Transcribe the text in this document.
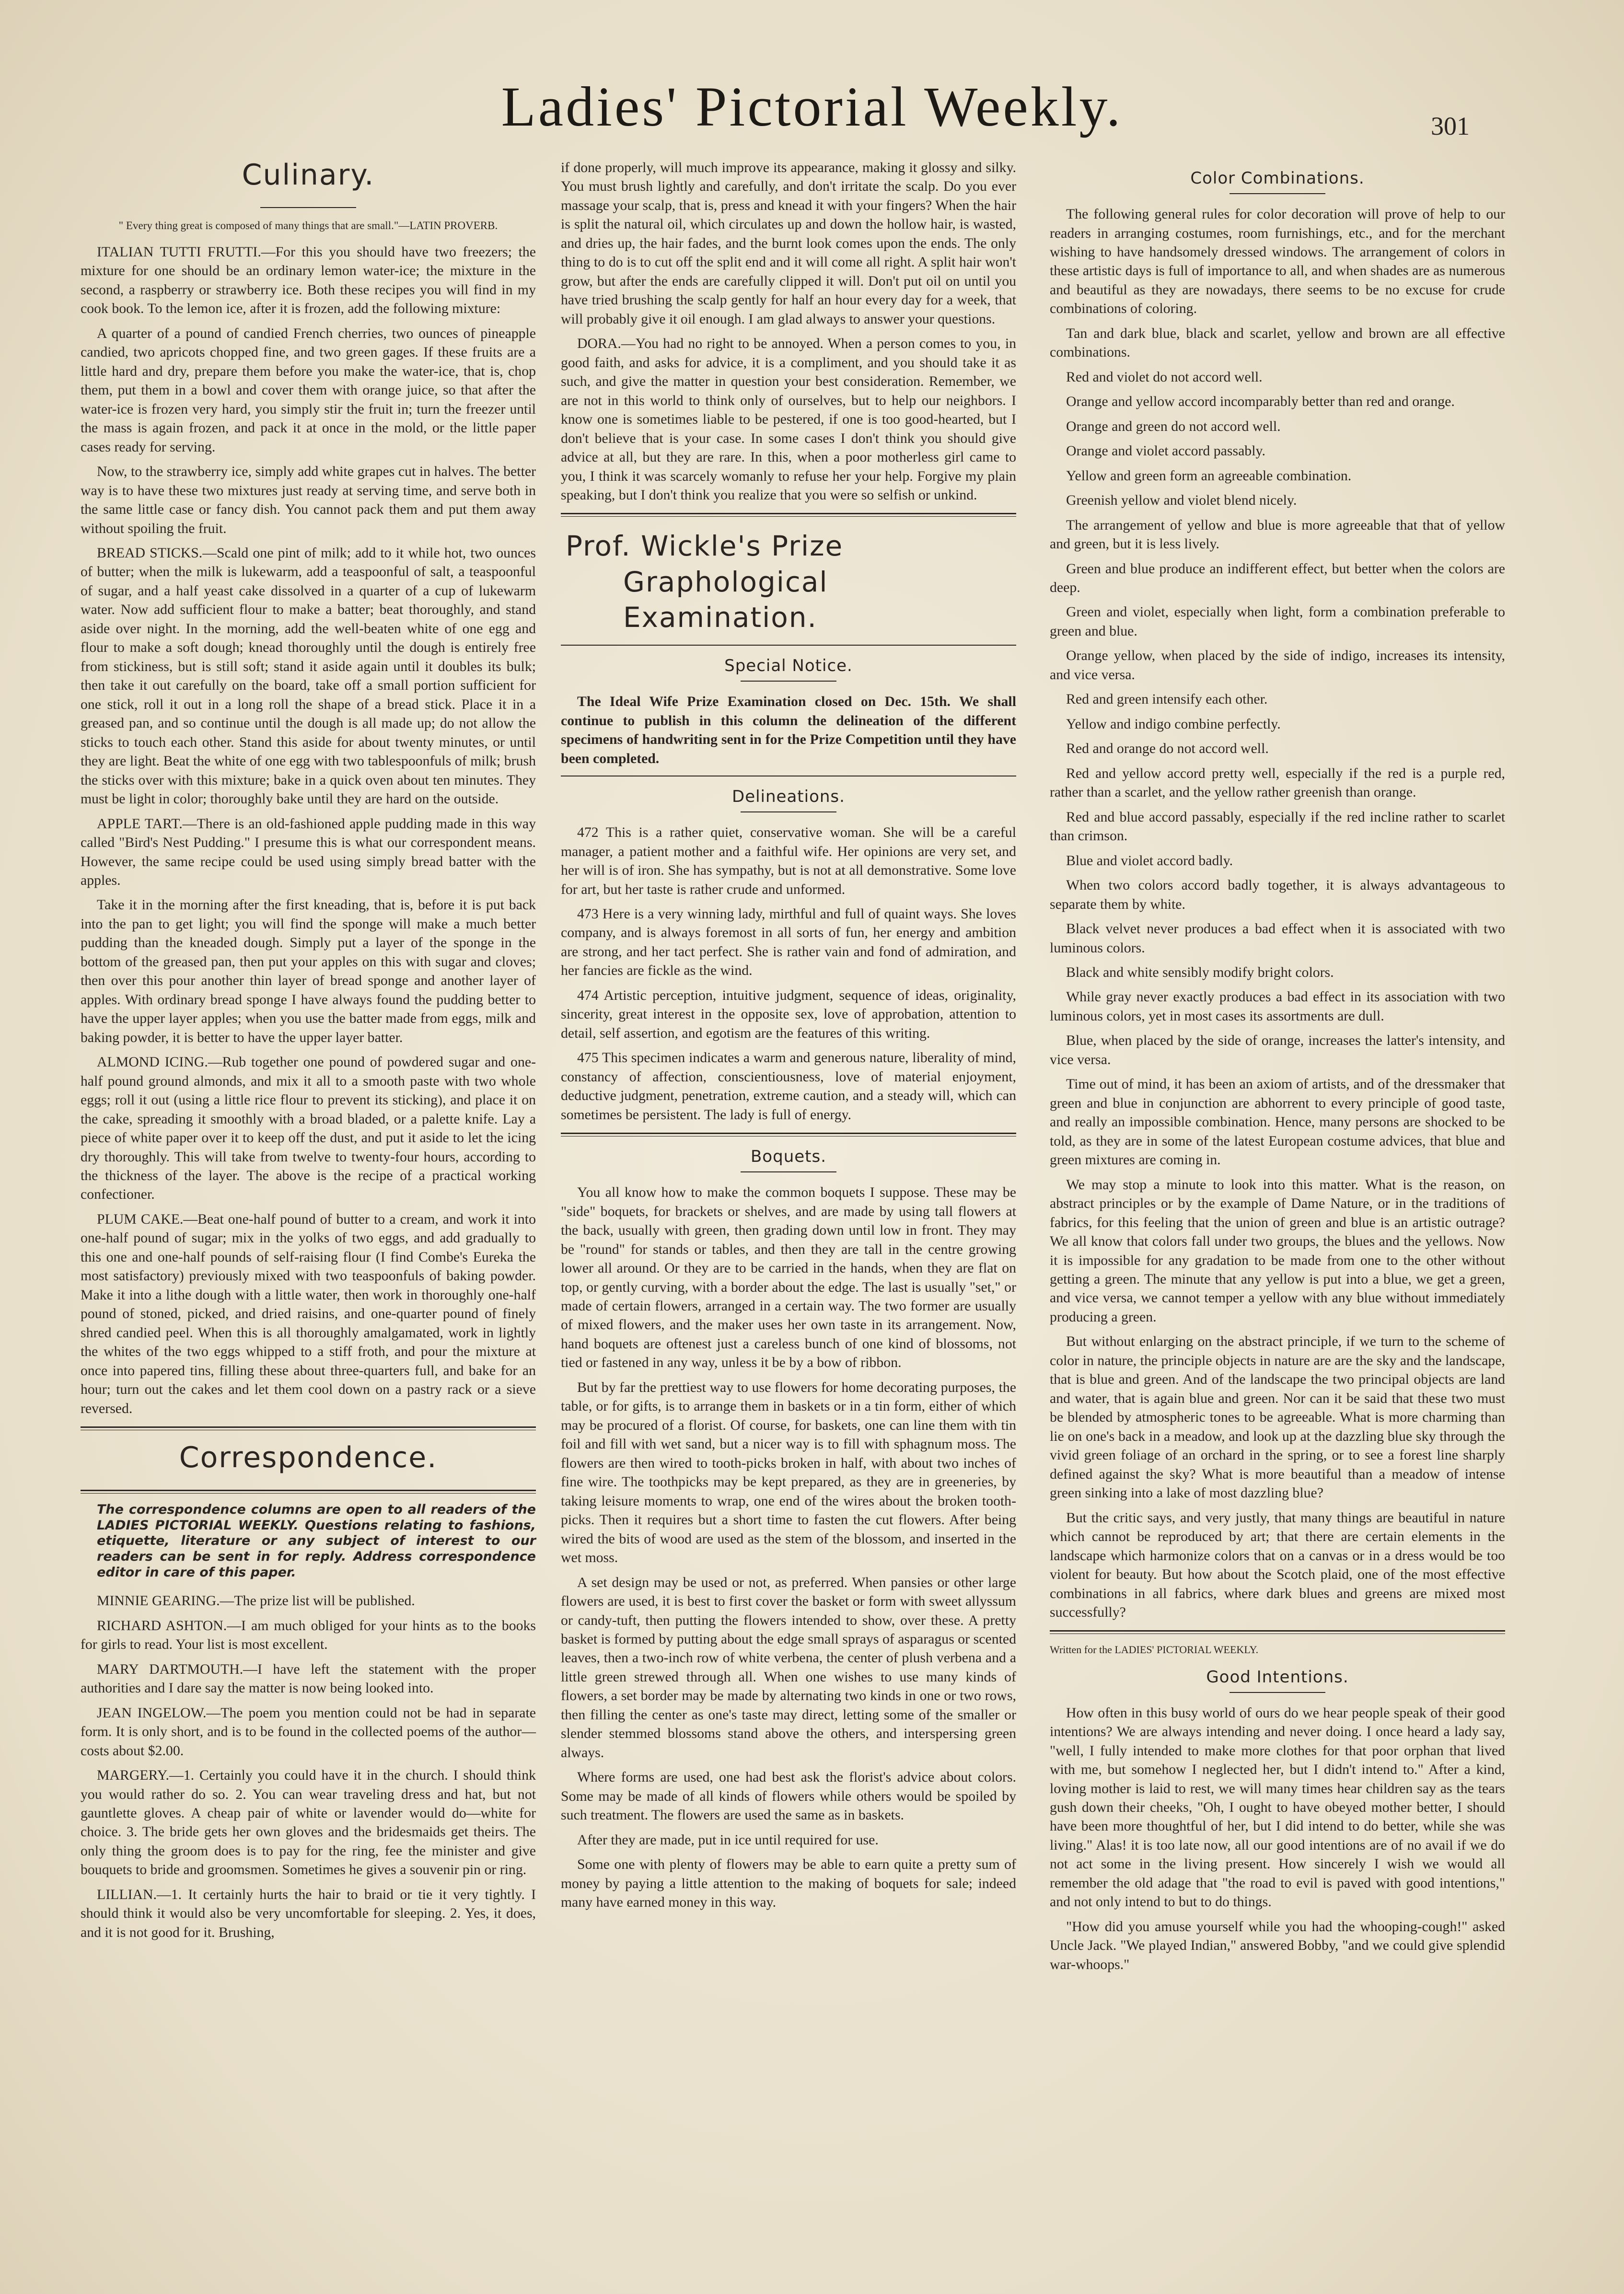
Ladies' Pictorial Weekly.	301
Culinary.
" Every thing great is composed of many things that are small."—LATIN PROVERB.

ITALIAN TUTTI FRUTTI.—For this you should have two freezers; the mixture for one should be an ordinary lemon water-ice; the mixture in the second, a raspberry or strawberry ice. Both these recipes you will find in my cook book. To the lemon ice, after it is frozen, add the following mixture:

A quarter of a pound of candied French cherries, two ounces of pineapple candied, two apricots chopped fine, and two green gages. If these fruits are a little hard and dry, prepare them before you make the water-ice, that is, chop them, put them in a bowl and cover them with orange juice, so that after the water-ice is frozen very hard, you simply stir the fruit in; turn the freezer until the mass is again frozen, and pack it at once in the mold, or the little paper cases ready for serving.

Now, to the strawberry ice, simply add white grapes cut in halves. The better way is to have these two mixtures just ready at serving time, and serve both in the same little case or fancy dish. You cannot pack them and put them away without spoiling the fruit.

BREAD STICKS.—Scald one pint of milk; add to it while hot, two ounces of butter; when the milk is lukewarm, add a teaspoonful of salt, a teaspoonful of sugar, and a half yeast cake dissolved in a quarter of a cup of lukewarm water. Now add sufficient flour to make a batter; beat thoroughly, and stand aside over night. In the morning, add the well-beaten white of one egg and flour to make a soft dough; knead thoroughly until the dough is entirely free from stickiness, but is still soft; stand it aside again until it doubles its bulk; then take it out carefully on the board, take off a small portion sufficient for one stick, roll it out in a long roll the shape of a bread stick. Place it in a greased pan, and so continue until the dough is all made up; do not allow the sticks to touch each other. Stand this aside for about twenty minutes, or until they are light. Beat the white of one egg with two tablespoonfuls of milk; brush the sticks over with this mixture; bake in a quick oven about ten minutes. They must be light in color; thoroughly bake until they are hard on the outside.

APPLE TART.—There is an old-fashioned apple pudding made in this way called "Bird's Nest Pudding." I presume this is what our correspondent means. However, the same recipe could be used using simply bread batter with the apples.

Take it in the morning after the first kneading, that is, before it is put back into the pan to get light; you will find the sponge will make a much better pudding than the kneaded dough. Simply put a layer of the sponge in the bottom of the greased pan, then put your apples on this with sugar and cloves; then over this pour another thin layer of bread sponge and another layer of apples. With ordinary bread sponge I have always found the pudding better to have the upper layer apples; when you use the batter made from eggs, milk and baking powder, it is better to have the upper layer batter.

ALMOND ICING.—Rub together one pound of powdered sugar and one-half pound ground almonds, and mix it all to a smooth paste with two whole eggs; roll it out (using a little rice flour to prevent its sticking), and place it on the cake, spreading it smoothly with a broad bladed, or a palette knife. Lay a piece of white paper over it to keep off the dust, and put it aside to let the icing dry thoroughly. This will take from twelve to twenty-four hours, according to the thickness of the layer. The above is the recipe of a practical working confectioner.

PLUM CAKE.—Beat one-half pound of butter to a cream, and work it into one-half pound of sugar; mix in the yolks of two eggs, and add gradually to this one and one-half pounds of self-raising flour (I find Combe's Eureka the most satisfactory) previously mixed with two teaspoonfuls of baking powder. Make it into a lithe dough with a little water, then work in thoroughly one-half pound of stoned, picked, and dried raisins, and one-quarter pound of finely shred candied peel. When this is all thoroughly amalgamated, work in lightly the whites of the two eggs whipped to a stiff froth, and pour the mixture at once into papered tins, filling these about three-quarters full, and bake for an hour; turn out the cakes and let them cool down on a pastry rack or a sieve reversed.

Correspondence.
The correspondence columns are open to all readers of the LADIES PICTORIAL WEEKLY. Questions relating to fashions, etiquette, literature or any subject of interest to our readers can be sent in for reply. Address correspondence editor in care of this paper.

MINNIE GEARING.—The prize list will be published.

RICHARD ASHTON.—I am much obliged for your hints as to the books for girls to read. Your list is most excellent.

MARY DARTMOUTH.—I have left the statement with the proper authorities and I dare say the matter is now being looked into.

JEAN INGELOW.—The poem you mention could not be had in separate form. It is only short, and is to be found in the collected poems of the author—costs about $2.00.

MARGERY.—1. Certainly you could have it in the church. I should think you would rather do so. 2. You can wear traveling dress and hat, but not gauntlette gloves. A cheap pair of white or lavender would do—white for choice. 3. The bride gets her own gloves and the bridesmaids get theirs. The only thing the groom does is to pay for the ring, fee the minister and give bouquets to bride and groomsmen. Sometimes he gives a souvenir pin or ring.

LILLIAN.—1. It certainly hurts the hair to braid or tie it very tightly. I should think it would also be very uncomfortable for sleeping. 2. Yes, it does, and it is not good for it. Brushing,

if done properly, will much improve its appearance, making it glossy and silky. You must brush lightly and carefully, and don't irritate the scalp. Do you ever massage your scalp, that is, press and knead it with your fingers? When the hair is split the natural oil, which circulates up and down the hollow hair, is wasted, and dries up, the hair fades, and the burnt look comes upon the ends. The only thing to do is to cut off the split end and it will come all right. A split hair won't grow, but after the ends are carefully clipped it will. Don't put oil on until you have tried brushing the scalp gently for half an hour every day for a week, that will probably give it oil enough. I am glad always to answer your questions.

DORA.—You had no right to be annoyed. When a person comes to you, in good faith, and asks for advice, it is a compliment, and you should take it as such, and give the matter in question your best consideration. Remember, we are not in this world to think only of ourselves, but to help our neighbors. I know one is sometimes liable to be pestered, if one is too good-hearted, but I don't believe that is your case. In some cases I don't think you should give advice at all, but they are rare. In this, when a poor motherless girl came to you, I think it was scarcely womanly to refuse her your help. Forgive my plain speaking, but I don't think you realize that you were so selfish or unkind.

Prof. Wickle's Prize
Graphological Examination.
Special Notice.

The Ideal Wife Prize Examination closed on Dec. 15th. We shall continue to publish in this column the delineation of the different specimens of handwriting sent in for the Prize Competition until they have been completed.

Delineations.

472 This is a rather quiet, conservative woman. She will be a careful manager, a patient mother and a faithful wife. Her opinions are very set, and her will is of iron. She has sympathy, but is not at all demonstrative. Some love for art, but her taste is rather crude and unformed.

473 Here is a very winning lady, mirthful and full of quaint ways. She loves company, and is always foremost in all sorts of fun, her energy and ambition are strong, and her tact perfect. She is rather vain and fond of admiration, and her fancies are fickle as the wind.

474 Artistic perception, intuitive judgment, sequence of ideas, originality, sincerity, great interest in the opposite sex, love of approbation, attention to detail, self assertion, and egotism are the features of this writing.

475 This specimen indicates a warm and generous nature, liberality of mind, constancy of affection, conscientiousness, love of material enjoyment, deductive judgment, penetration, extreme caution, and a steady will, which can sometimes be persistent. The lady is full of energy.

Boquets.

You all know how to make the common boquets I suppose. These may be "side" boquets, for brackets or shelves, and are made by using tall flowers at the back, usually with green, then grading down until low in front. They may be "round" for stands or tables, and then they are tall in the centre growing lower all around. Or they are to be carried in the hands, when they are flat on top, or gently curving, with a border about the edge. The last is usually "set," or made of certain flowers, arranged in a certain way. The two former are usually of mixed flowers, and the maker uses her own taste in its arrangement. Now, hand boquets are oftenest just a careless bunch of one kind of blossoms, not tied or fastened in any way, unless it be by a bow of ribbon.

But by far the prettiest way to use flowers for home decorating purposes, the table, or for gifts, is to arrange them in baskets or in a tin form, either of which may be procured of a florist. Of course, for baskets, one can line them with tin foil and fill with wet sand, but a nicer way is to fill with sphagnum moss. The flowers are then wired to tooth-picks broken in half, with about two inches of fine wire. The toothpicks may be kept prepared, as they are in greeneries, by taking leisure moments to wrap, one end of the wires about the broken tooth-picks. Then it requires but a short time to fasten the cut flowers. After being wired the bits of wood are used as the stem of the blossom, and inserted in the wet moss.

A set design may be used or not, as preferred. When pansies or other large flowers are used, it is best to first cover the basket or form with sweet allyssum or candy-tuft, then putting the flowers intended to show, over these. A pretty basket is formed by putting about the edge small sprays of asparagus or scented leaves, then a two-inch row of white verbena, the center of plush verbena and a little green strewed through all. When one wishes to use many kinds of flowers, a set border may be made by alternating two kinds in one or two rows, then filling the center as one's taste may direct, letting some of the smaller or slender stemmed blossoms stand above the others, and interspersing green always.

Where forms are used, one had best ask the florist's advice about colors. Some may be made of all kinds of flowers while others would be spoiled by such treatment. The flowers are used the same as in baskets.

After they are made, put in ice until required for use.

Some one with plenty of flowers may be able to earn quite a pretty sum of money by paying a little attention to the making of boquets for sale; indeed many have earned money in this way.

Color Combinations.

The following general rules for color decoration will prove of help to our readers in arranging costumes, room furnishings, etc., and for the merchant wishing to have handsomely dressed windows. The arrangement of colors in these artistic days is full of importance to all, and when shades are as numerous and beautiful as they are nowadays, there seems to be no excuse for crude combinations of coloring.

Tan and dark blue, black and scarlet, yellow and brown are all effective combinations.

Red and violet do not accord well.

Orange and yellow accord incomparably better than red and orange.

Orange and green do not accord well.

Orange and violet accord passably.

Yellow and green form an agreeable combination.

Greenish yellow and violet blend nicely.

The arrangement of yellow and blue is more agreeable that that of yellow and green, but it is less lively.

Green and blue produce an indifferent effect, but better when the colors are deep.

Green and violet, especially when light, form a combination preferable to green and blue.

Orange yellow, when placed by the side of indigo, increases its intensity, and vice versa.

Red and green intensify each other.

Yellow and indigo combine perfectly.

Red and orange do not accord well.

Red and yellow accord pretty well, especially if the red is a purple red, rather than a scarlet, and the yellow rather greenish than orange.

Red and blue accord passably, especially if the red incline rather to scarlet than crimson.

Blue and violet accord badly.

When two colors accord badly together, it is always advantageous to separate them by white.

Black velvet never produces a bad effect when it is associated with two luminous colors.

Black and white sensibly modify bright colors.

While gray never exactly produces a bad effect in its association with two luminous colors, yet in most cases its assortments are dull.

Blue, when placed by the side of orange, increases the latter's intensity, and vice versa.

Time out of mind, it has been an axiom of artists, and of the dressmaker that green and blue in conjunction are abhorrent to every principle of good taste, and really an impossible combination. Hence, many persons are shocked to be told, as they are in some of the latest European costume advices, that blue and green mixtures are coming in.

We may stop a minute to look into this matter. What is the reason, on abstract principles or by the example of Dame Nature, or in the traditions of fabrics, for this feeling that the union of green and blue is an artistic outrage? We all know that colors fall under two groups, the blues and the yellows. Now it is impossible for any gradation to be made from one to the other without getting a green. The minute that any yellow is put into a blue, we get a green, and vice versa, we cannot temper a yellow with any blue without immediately producing a green.

But without enlarging on the abstract principle, if we turn to the scheme of color in nature, the principle objects in nature are are the sky and the landscape, that is blue and green. And of the landscape the two principal objects are land and water, that is again blue and green. Nor can it be said that these two must be blended by atmospheric tones to be agreeable. What is more charming than lie on one's back in a meadow, and look up at the dazzling blue sky through the vivid green foliage of an orchard in the spring, or to see a forest line sharply defined against the sky? What is more beautiful than a meadow of intense green sinking into a lake of most dazzling blue?

But the critic says, and very justly, that many things are beautiful in nature which cannot be reproduced by art; that there are certain elements in the landscape which harmonize colors that on a canvas or in a dress would be too violent for beauty. But how about the Scotch plaid, one of the most effective combinations in all fabrics, where dark blues and greens are mixed most successfully?

Written for the LADIES' PICTORIAL WEEKLY.

Good Intentions.

How often in this busy world of ours do we hear people speak of their good intentions? We are always intending and never doing. I once heard a lady say, "well, I fully intended to make more clothes for that poor orphan that lived with me, but somehow I neglected her, but I didn't intend to." After a kind, loving mother is laid to rest, we will many times hear children say as the tears gush down their cheeks, "Oh, I ought to have obeyed mother better, I should have been more thoughtful of her, but I did intend to do better, while she was living." Alas! it is too late now, all our good intentions are of no avail if we do not act some in the living present. How sincerely I wish we would all remember the old adage that "the road to evil is paved with good intentions," and not only intend to but to do things.

"How did you amuse yourself while you had the whooping-cough!" asked Uncle Jack. "We played Indian," answered Bobby, "and we could give splendid war-whoops."
